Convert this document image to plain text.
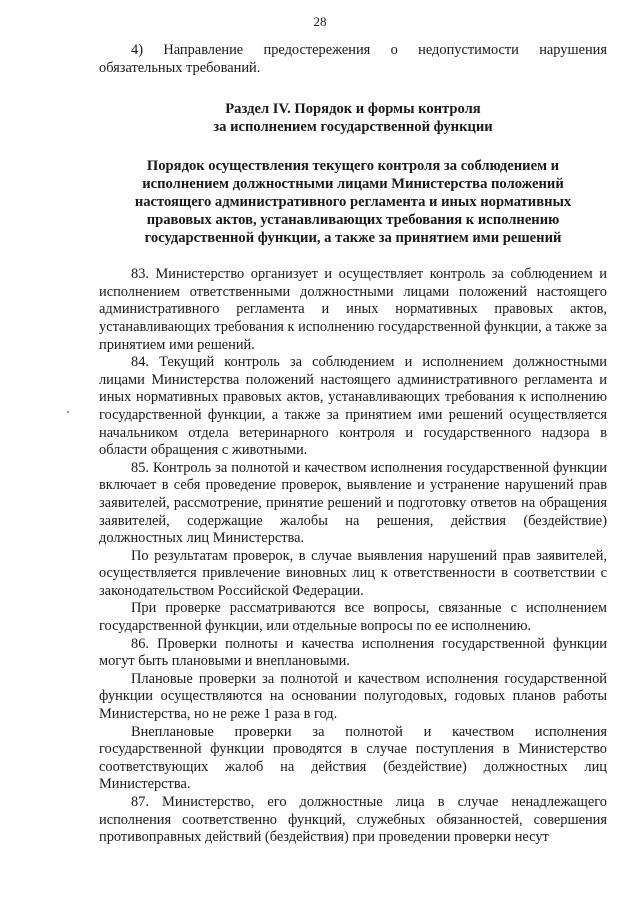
28

4) Направление предостережения о недопустимости нарушения обязательных требований.

Раздел IV. Порядок и формы контроля
за исполнением государственной функции
Порядок осуществления текущего контроля за соблюдением и
исполнением должностными лицами Министерства положений
настоящего административного регламента и иных нормативных
правовых актов, устанавливающих требования к исполнению
государственной функции, а также за принятием ими решений

83. Министерство организует и осуществляет контроль за соблюдением и исполнением ответственными должностными лицами положений настоящего административного регламента и иных нормативных правовых актов, устанавливающих требования к исполнению государственной функции, а также за принятием ими решений.

84. Текущий контроль за соблюдением и исполнением должностными лицами Министерства положений настоящего административного регламента и иных нормативных правовых актов, устанавливающих требования к исполнению государственной функции, а также за принятием ими решений осуществляется начальником отдела ветеринарного контроля и государственного надзора в области обращения с животными.

85. Контроль за полнотой и качеством исполнения государственной функции включает в себя проведение проверок, выявление и устранение нарушений прав заявителей, рассмотрение, принятие решений и подготовку ответов на обращения заявителей, содержащие жалобы на решения, действия (бездействие) должностных лиц Министерства.

По результатам проверок, в случае выявления нарушений прав заявителей, осуществляется привлечение виновных лиц к ответственности в соответствии с законодательством Российской Федерации.

При проверке рассматриваются все вопросы, связанные с исполнением государственной функции, или отдельные вопросы по ее исполнению.

86. Проверки полноты и качества исполнения государственной функции могут быть плановыми и внеплановыми.

Плановые проверки за полнотой и качеством исполнения государственной функции осуществляются на основании полугодовых, годовых планов работы Министерства, но не реже 1 раза в год.

Внеплановые проверки за полнотой и качеством исполнения государственной функции проводятся в случае поступления в Министерство соответствующих жалоб на действия (бездействие) должностных лиц Министерства.

87. Министерство, его должностные лица в случае ненадлежащего исполнения соответственно функций, служебных обязанностей, совершения противоправных действий (бездействия) при проведении проверки несут
